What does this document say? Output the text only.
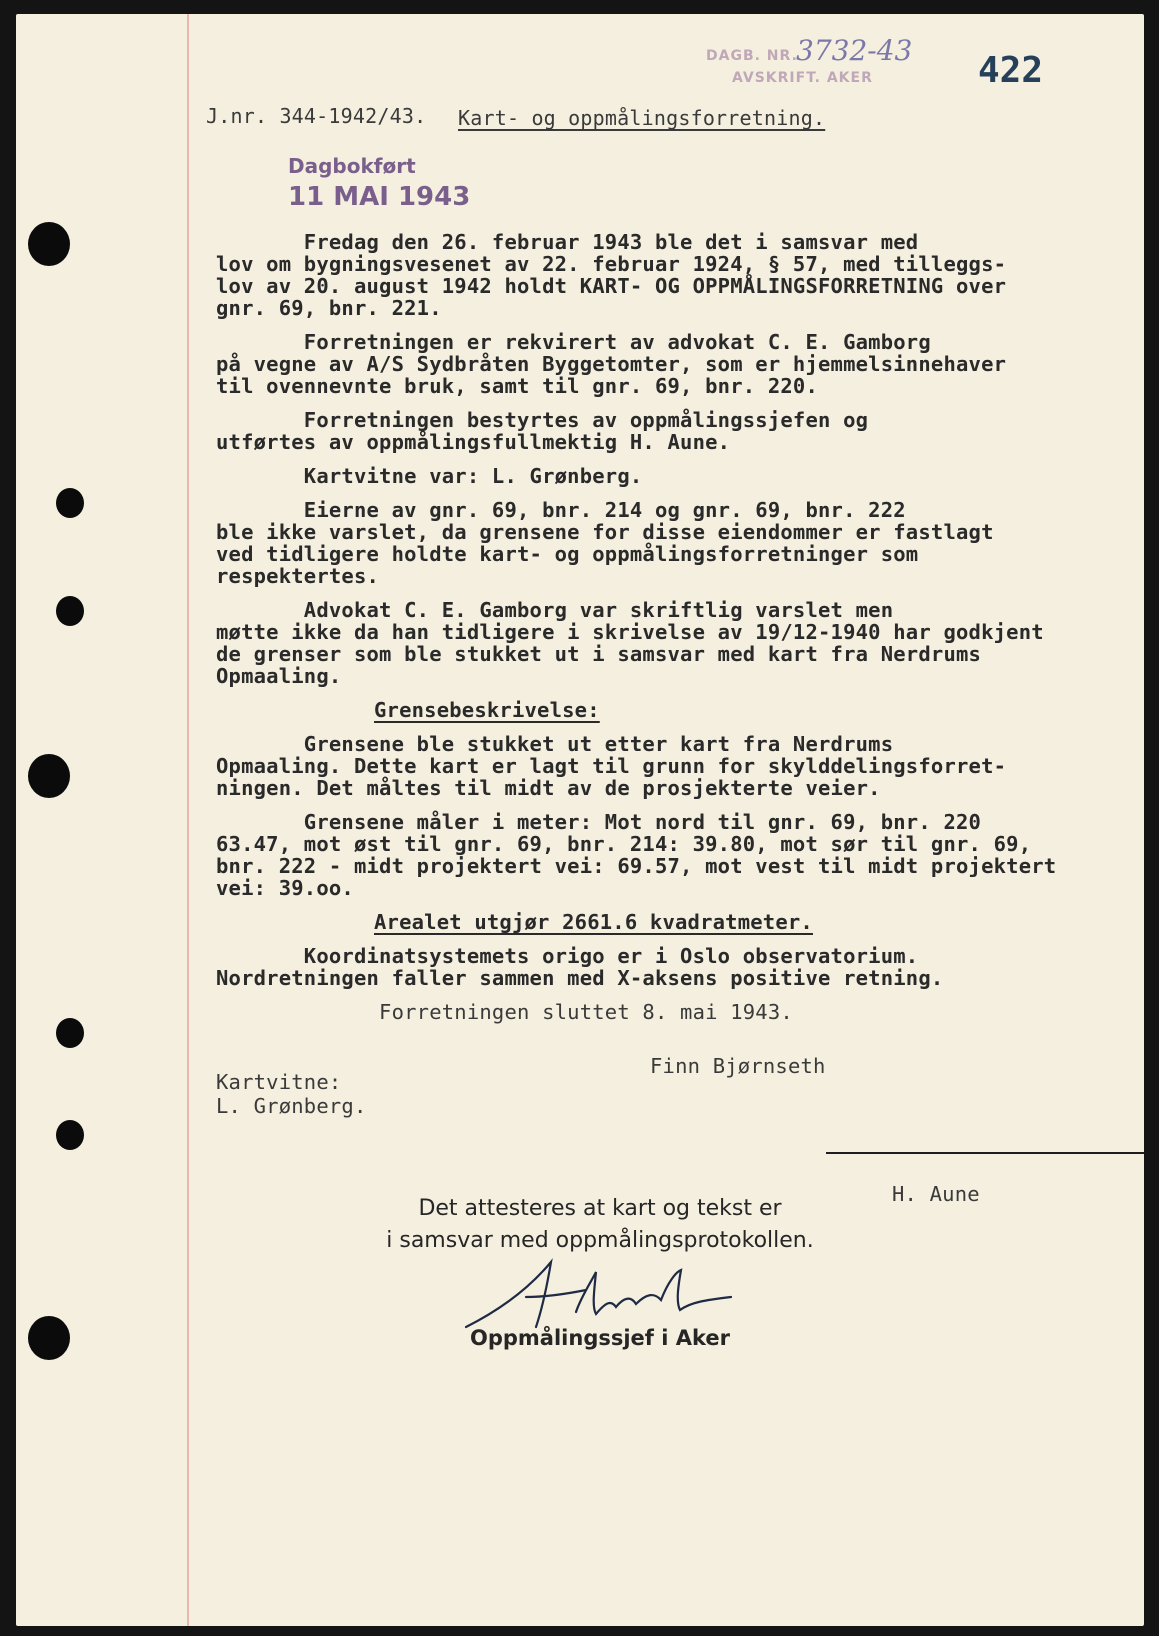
DAGB. NR.
3732-43
AVSKRIFT. AKER	422
J.nr. 344-1942/43. Kart- og oppmålingsforretning.
Dagbokført
11 MAI 1943
Fredag den 26. februar 1943 ble det i samsvar med
lov om bygningsvesenet av 22. februar 1924, § 57, med tilleggs-
lov av 20. august 1942 holdt KART- OG OPPMÅLINGSFORRETNING over
gnr. 69, bnr. 221.
Forretningen er rekvirert av advokat C. E. Gamborg
på vegne av A/S Sydbråten Byggetomter, som er hjemmelsinnehaver
til ovennevnte bruk, samt til gnr. 69, bnr. 220.
Forretningen bestyrtes av oppmålingssjefen og
utførtes av oppmålingsfullmektig H. Aune.
Kartvitne var: L. Grønberg.
Eierne av gnr. 69, bnr. 214 og gnr. 69, bnr. 222
ble ikke varslet, da grensene for disse eiendommer er fastlagt
ved tidligere holdte kart- og oppmålingsforretninger som
respektertes.
Advokat C. E. Gamborg var skriftlig varslet men
møtte ikke da han tidligere i skrivelse av 19/12-1940 har godkjent
de grenser som ble stukket ut i samsvar med kart fra Nerdrums
Opmaaling.
Grensebeskrivelse:
Grensene ble stukket ut etter kart fra Nerdrums
Opmaaling. Dette kart er lagt til grunn for skylddelingsforret-
ningen. Det måltes til midt av de prosjekterte veier.
Grensene måler i meter: Mot nord til gnr. 69, bnr. 220
63.47, mot øst til gnr. 69, bnr. 214: 39.80, mot sør til gnr. 69,
bnr. 222 - midt projektert vei: 69.57, mot vest til midt projektert
vei: 39.oo.
Arealet utgjør 2661.6 kvadratmeter.
Koordinatsystemets origo er i Oslo observatorium.
Nordretningen faller sammen med X-aksens positive retning.
Forretningen sluttet 8. mai 1943.
Finn Bjørnseth
Kartvitne:
L. Grønberg.
H. Aune
Det attesteres at kart og tekst er
i samsvar med oppmålingsprotokollen.
Oppmålingssjef i Aker
